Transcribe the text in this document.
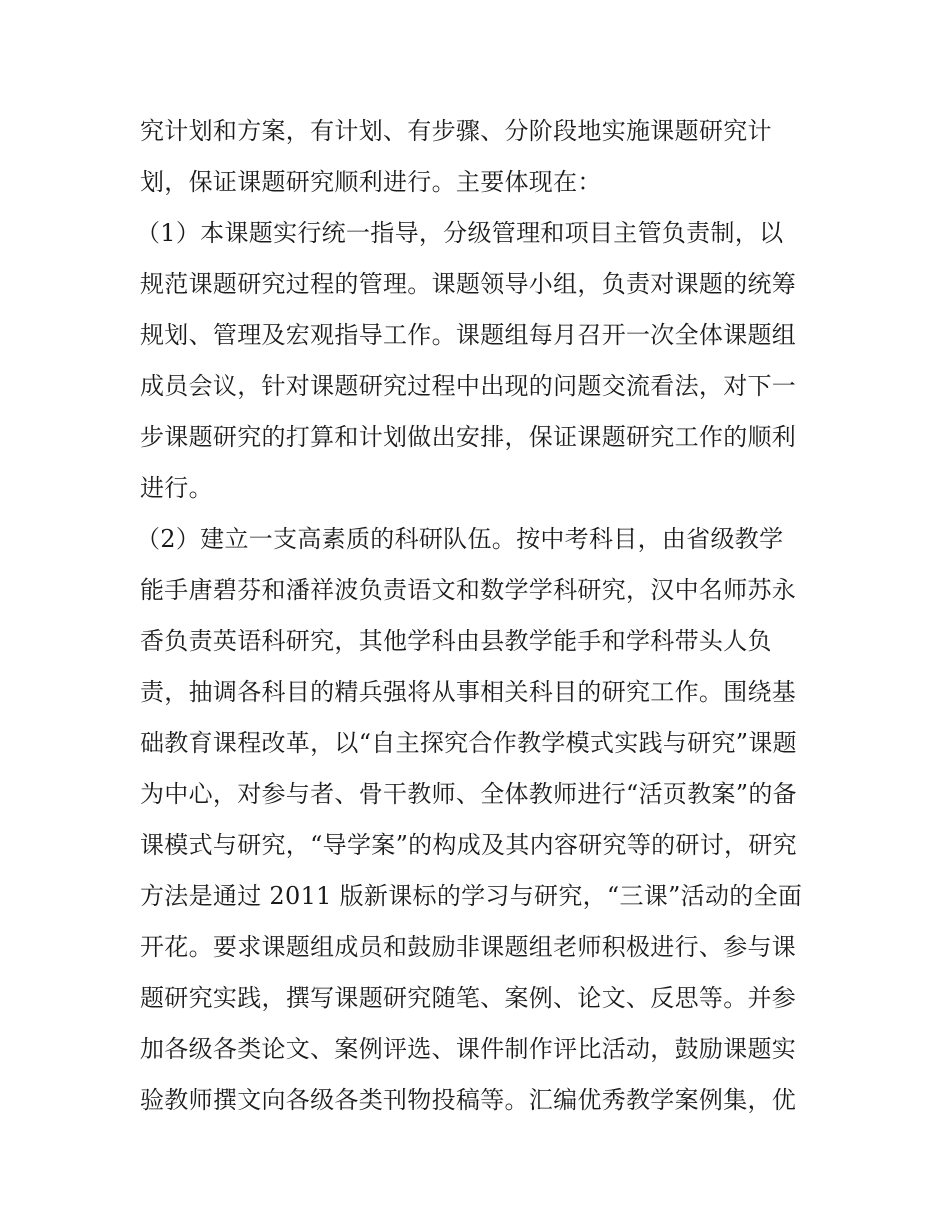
究计划和方案，有计划、有步骤、分阶段地实施课题研究计
划，保证课题研究顺利进行。主要体现在：
（1）本课题实行统一指导，分级管理和项目主管负责制，以
规范课题研究过程的管理。课题领导小组，负责对课题的统筹
规划、管理及宏观指导工作。课题组每月召开一次全体课题组
成员会议，针对课题研究过程中出现的问题交流看法，对下一
步课题研究的打算和计划做出安排，保证课题研究工作的顺利
进行。
（2）建立一支高素质的科研队伍。按中考科目，由省级教学
能手唐碧芬和潘祥波负责语文和数学学科研究，汉中名师苏永
香负责英语科研究，其他学科由县教学能手和学科带头人负
责，抽调各科目的精兵强将从事相关科目的研究工作。围绕基
础教育课程改革，以“自主探究合作教学模式实践与研究”课题
为中心，对参与者、骨干教师、全体教师进行“活页教案”的备
课模式与研究，“导学案”的构成及其内容研究等的研讨，研究
方法是通过 2011 版新课标的学习与研究，“三课”活动的全面
开花。要求课题组成员和鼓励非课题组老师积极进行、参与课
题研究实践，撰写课题研究随笔、案例、论文、反思等。并参
加各级各类论文、案例评选、课件制作评比活动，鼓励课题实
验教师撰文向各级各类刊物投稿等。汇编优秀教学案例集，优
